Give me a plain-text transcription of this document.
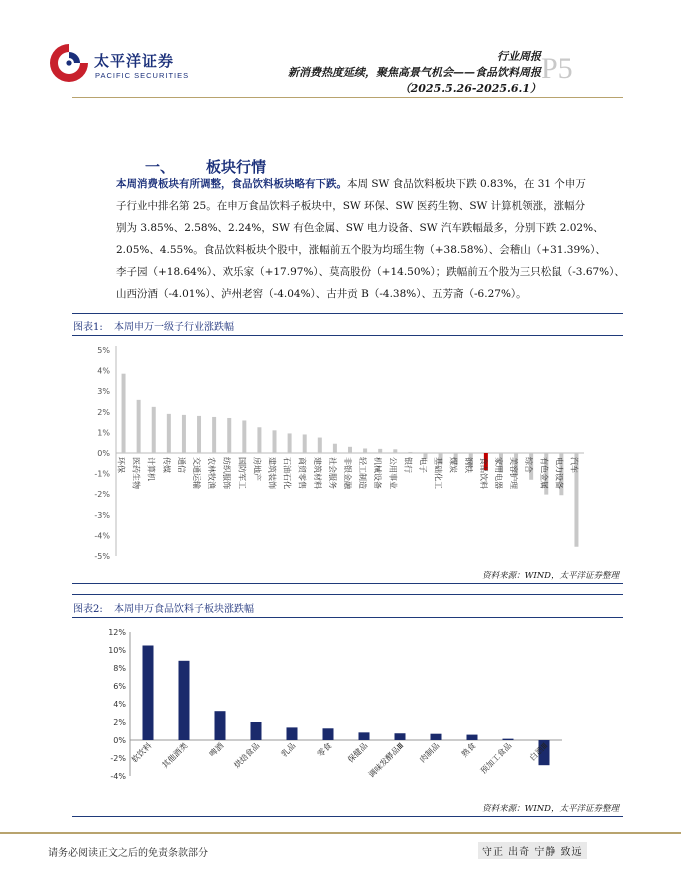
太平洋证券
PACIFIC SECURITIES
行业周报
新消费热度延续，聚焦高景气机会——食品饮料周报
（2025.5.26-2025.6.1）
P5
一、 板块行情
本周消费板块有所调整，食品饮料板块略有下跌。本周 SW 食品饮料板块下跌 0.83%，在 31 个申万
子行业中排名第 25。在申万食品饮料子板块中，SW 环保、SW 医药生物、SW 计算机领涨，涨幅分
别为 3.85%、2.58%、2.24%，SW 有色金属、SW 电力设备、SW 汽车跌幅最多，分别下跌 2.02%、
2.05%、4.55%。食品饮料板块个股中，涨幅前五个股为均瑶生物（+38.58%）、会稽山（+31.39%）、
李子园（+18.64%）、欢乐家（+17.97%）、莫高股份（+14.50%）；跌幅前五个股为三只松鼠（-3.67%）、
山西汾酒（-4.01%）、泸州老窖（-4.04%）、古井贡 B（-4.38%）、五芳斋（-6.27%）。
图表1: 本周申万一级子行业涨跌幅
5%
4%
3%
2%
1%
0%
-1%
-2%
-3%
-4%
-5%
环保 医药生物 计算机 传媒 通信 交通运输 农林牧渔 纺织服饰 国防军工 房地产 建筑装饰 石油石化 商贸零售 建筑材料 社会服务 非银金融 轻工制造 机械设备 公用事业 银行 电子 基础化工 煤炭 钢铁 食品饮料 家用电器 美容护理 综合 有色金属 电力设备 汽车
资料来源：WIND，太平洋证券整理
图表2: 本周申万食品饮料子板块涨跌幅
12%
10%
8%
6%
4%
2%
0%
-2%
-4%
软饮料 其他酒类 啤酒 烘焙食品 乳品 零食 保健品
调味发酵品Ⅲ 肉制品 熟食 预加工食品 白酒Ⅲ
资料来源：WIND，太平洋证券整理
请务必阅读正文之后的免责条款部分	守正 出奇 宁静 致远
